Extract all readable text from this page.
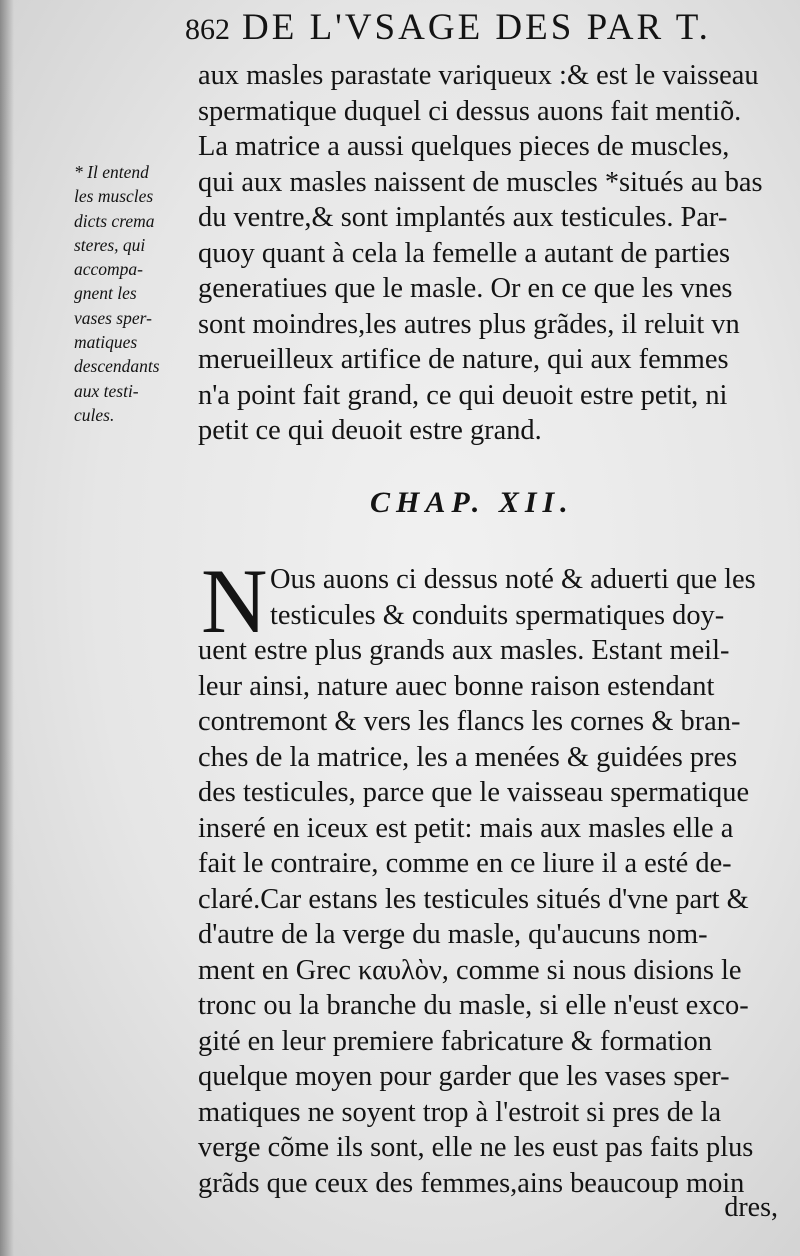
862 DE L'VSAGE DES PAR T.
* Il entend
les muscles
dicts crema
steres, qui
accompa-
gnent les
vases sper-
matiques
descendants
aux testi-
cules.
aux masles parastate variqueux :& est le vaisseau
spermatique duquel ci dessus auons fait mentiõ.
La matrice a aussi quelques pieces de muscles,
qui aux masles naissent de muscles *situés au bas
du ventre,& sont implantés aux testicules. Par-
quoy quant à cela la femelle a autant de parties
generatiues que le masle. Or en ce que les vnes
sont moindres,les autres plus grãdes, il reluit vn
merueilleux artifice de nature, qui aux femmes
n'a point fait grand, ce qui deuoit estre petit, ni
petit ce qui deuoit estre grand.
CHAP. XII.
N Ous auons ci dessus noté & aduerti que les
testicules & conduits spermatiques doy-
uent estre plus grands aux masles. Estant meil-
leur ainsi, nature auec bonne raison estendant
contremont & vers les flancs les cornes & bran-
ches de la matrice, les a menées & guidées pres
des testicules, parce que le vaisseau spermatique
inseré en iceux est petit: mais aux masles elle a
fait le contraire, comme en ce liure il a esté de-
claré.Car estans les testicules situés d'vne part &
d'autre de la verge du masle, qu'aucuns nom-
ment en Grec καυλὸν, comme si nous disions le
tronc ou la branche du masle, si elle n'eust exco-
gité en leur premiere fabricature & formation
quelque moyen pour garder que les vases sper-
matiques ne soyent trop à l'estroit si pres de la
verge cõme ils sont, elle ne les eust pas faits plus
grãds que ceux des femmes,ains beaucoup moin
dres,
